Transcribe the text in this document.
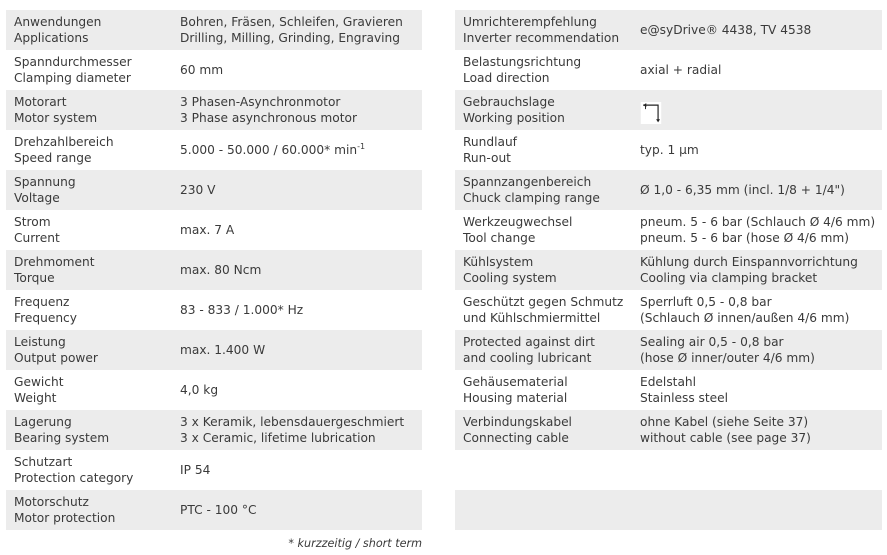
Anwendungen
Applications
Bohren, Fräsen, Schleifen, Gravieren
Drilling, Milling, Grinding, Engraving
Spanndurchmesser
Clamping diameter
60 mm
Motorart
Motor system
3 Phasen-Asynchronmotor
3 Phase asynchronous motor
Drehzahlbereich
Speed range
5.000 - 50.000 / 60.000* $\min^{-1}$
Spannung
Voltage
230 V
Strom
Current
max. 7 A
Drehmoment
Torque
max. 80 Ncm
Frequenz
Frequency
83 - 833 / 1.000* Hz
Leistung
Output power
max. 1.400 W
Gewicht
Weight
4,0 kg
Lagerung
Bearing system
3 x Keramik, lebensdauergeschmiert
3 x Ceramic, lifetime lubrication
Schutzart
Protection category
IP 54
Motorschutz
Motor protection
PTC - 100 °C
Umrichterempfehlung
Inverter recommendation
e@syDrive® 4438, TV 4538
Belastungsrichtung
Load direction
axial + radial
Gebrauchslage
Working position
Rundlauf
Run-out
typ. 1 µm
Spannzangenbereich
Chuck clamping range
Ø 1,0 - 6,35 mm (incl. 1/8 + 1/4")
Werkzeugwechsel
Tool change
pneum. 5 - 6 bar (Schlauch Ø 4/6 mm)
pneum. 5 - 6 bar (hose Ø 4/6 mm)
Kühlsystem
Cooling system
Kühlung durch Einspannvorrichtung
Cooling via clamping bracket
Geschützt gegen Schmutz
und Kühlschmiermittel
Sperrluft 0,5 - 0,8 bar
(Schlauch Ø innen/außen 4/6 mm)
Protected against dirt
and cooling lubricant
Sealing air 0,5 - 0,8 bar
(hose Ø inner/outer 4/6 mm)
Gehäusematerial
Housing material
Edelstahl
Stainless steel
Verbindungskabel
Connecting cable
ohne Kabel (siehe Seite 37)
without cable (see page 37)
* kurzzeitig / short term
